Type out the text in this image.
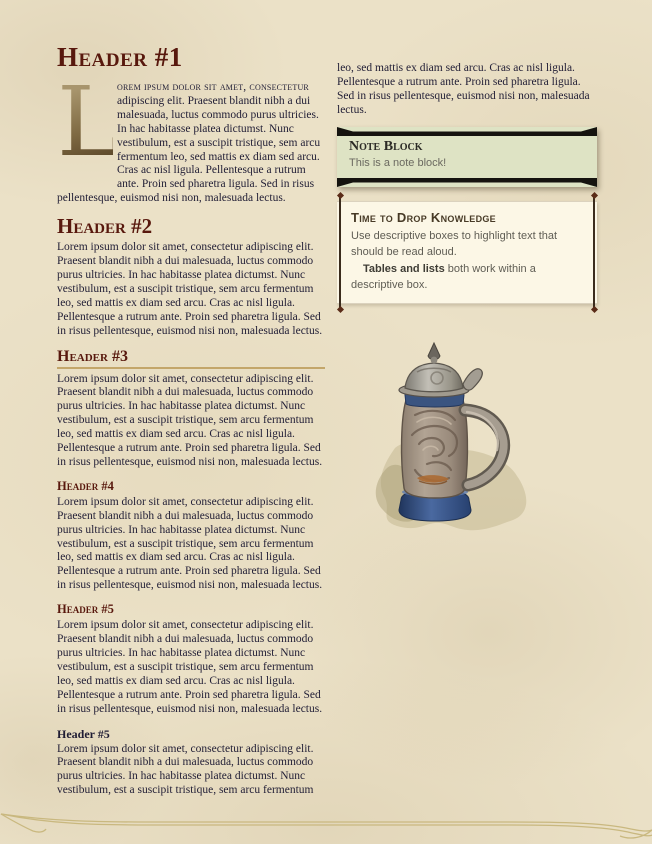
Header #1

L
orem ipsum dolor sit amet, consectetur adipiscing elit. Praesent blandit nibh a dui malesuada, luctus commodo purus ultricies. In hac habitasse platea dictumst. Nunc vestibulum, est a suscipit tristique, sem arcu fermentum leo, sed mattis ex diam sed arcu. Cras ac nisl ligula. Pellentesque a rutrum ante. Proin sed pharetra ligula. Sed in risus pellentesque, euismod nisi non, malesuada lectus.

Header #2

Lorem ipsum dolor sit amet, consectetur adipiscing elit. Praesent blandit nibh a dui malesuada, luctus commodo purus ultricies. In hac habitasse platea dictumst. Nunc vestibulum, est a suscipit tristique, sem arcu fermentum leo, sed mattis ex diam sed arcu. Cras ac nisl ligula. Pellentesque a rutrum ante. Proin sed pharetra ligula. Sed in risus pellentesque, euismod nisi non, malesuada lectus.

Header #3

Lorem ipsum dolor sit amet, consectetur adipiscing elit. Praesent blandit nibh a dui malesuada, luctus commodo purus ultricies. In hac habitasse platea dictumst. Nunc vestibulum, est a suscipit tristique, sem arcu fermentum leo, sed mattis ex diam sed arcu. Cras ac nisl ligula. Pellentesque a rutrum ante. Proin sed pharetra ligula. Sed in risus pellentesque, euismod nisi non, malesuada lectus.

Header #4

Lorem ipsum dolor sit amet, consectetur adipiscing elit. Praesent blandit nibh a dui malesuada, luctus commodo purus ultricies. In hac habitasse platea dictumst. Nunc vestibulum, est a suscipit tristique, sem arcu fermentum leo, sed mattis ex diam sed arcu. Cras ac nisl ligula. Pellentesque a rutrum ante. Proin sed pharetra ligula. Sed in risus pellentesque, euismod nisi non, malesuada lectus.

Header #5

Lorem ipsum dolor sit amet, consectetur adipiscing elit. Praesent blandit nibh a dui malesuada, luctus commodo purus ultricies. In hac habitasse platea dictumst. Nunc vestibulum, est a suscipit tristique, sem arcu fermentum leo, sed mattis ex diam sed arcu. Cras ac nisl ligula. Pellentesque a rutrum ante. Proin sed pharetra ligula. Sed in risus pellentesque, euismod nisi non, malesuada lectus.

Header #5

Lorem ipsum dolor sit amet, consectetur adipiscing elit. Praesent blandit nibh a dui malesuada, luctus commodo purus ultricies. In hac habitasse platea dictumst. Nunc vestibulum, est a suscipit tristique, sem arcu fermentum

leo, sed mattis ex diam sed arcu. Cras ac nisl ligula. Pellentesque a rutrum ante. Proin sed pharetra ligula. Sed in risus pellentesque, euismod nisi non, malesuada lectus.

Note Block

This is a note block!

Time to Drop Knowledge

Use descriptive boxes to highlight text that should be read aloud.

Tables and lists both work within a descriptive box.
